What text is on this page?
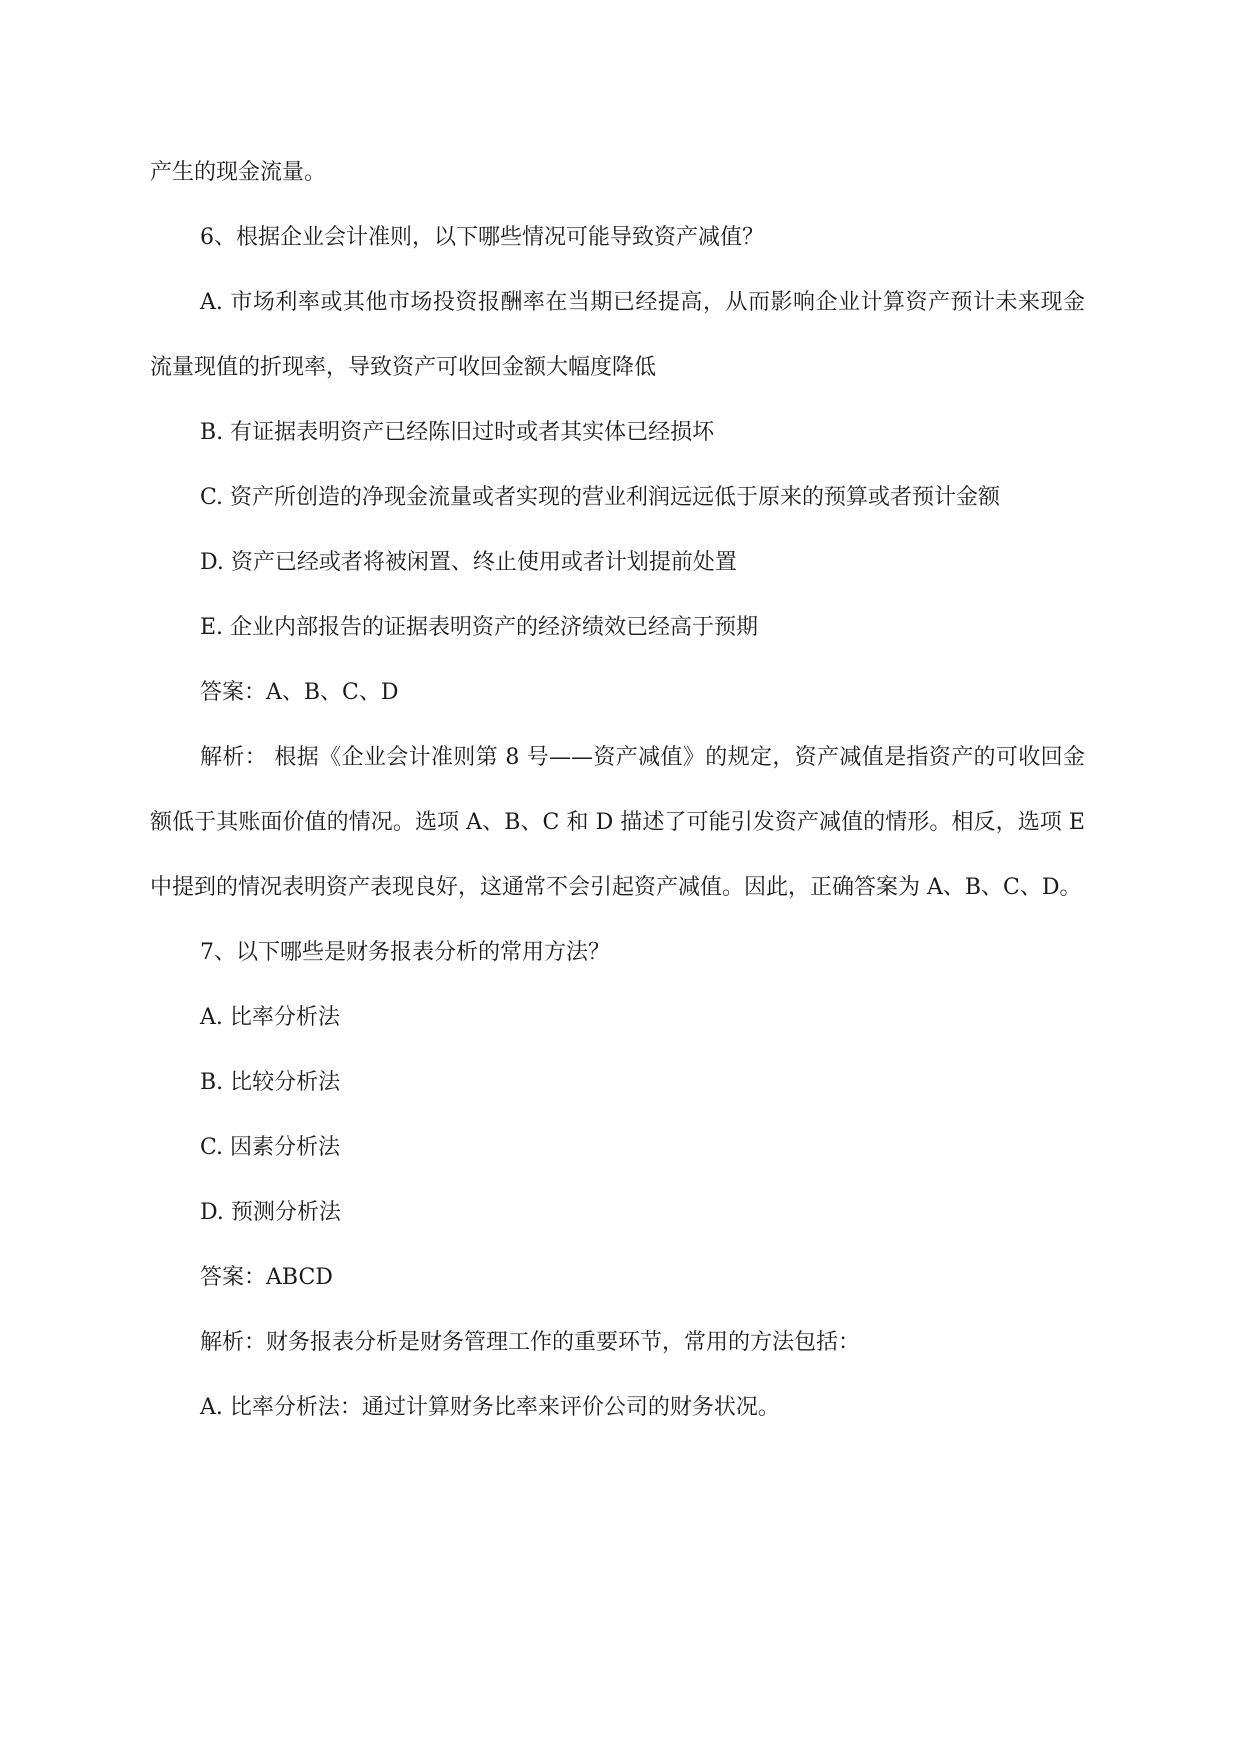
产生的现金流量。

6、根据企业会计准则，以下哪些情况可能导致资产减值？

A. 市场利率或其他市场投资报酬率在当期已经提高，从而影响企业计算资产预计未来现金流量现值的折现率，导致资产可收回金额大幅度降低

B. 有证据表明资产已经陈旧过时或者其实体已经损坏

C. 资产所创造的净现金流量或者实现的营业利润远远低于原来的预算或者预计金额

D. 资产已经或者将被闲置、终止使用或者计划提前处置

E. 企业内部报告的证据表明资产的经济绩效已经高于预期

答案：A、B、C、D

解析： 根据《企业会计准则第 8 号——资产减值》的规定，资产减值是指资产的可收回金额低于其账面价值的情况。选项 A、B、C 和 D 描述了可能引发资产减值的情形。相反，选项 E 中提到的情况表明资产表现良好，这通常不会引起资产减值。因此，正确答案为 A、B、C、D。

7、以下哪些是财务报表分析的常用方法？

A. 比率分析法

B. 比较分析法

C. 因素分析法

D. 预测分析法

答案：ABCD

解析：财务报表分析是财务管理工作的重要环节，常用的方法包括：

A. 比率分析法：通过计算财务比率来评价公司的财务状况。
